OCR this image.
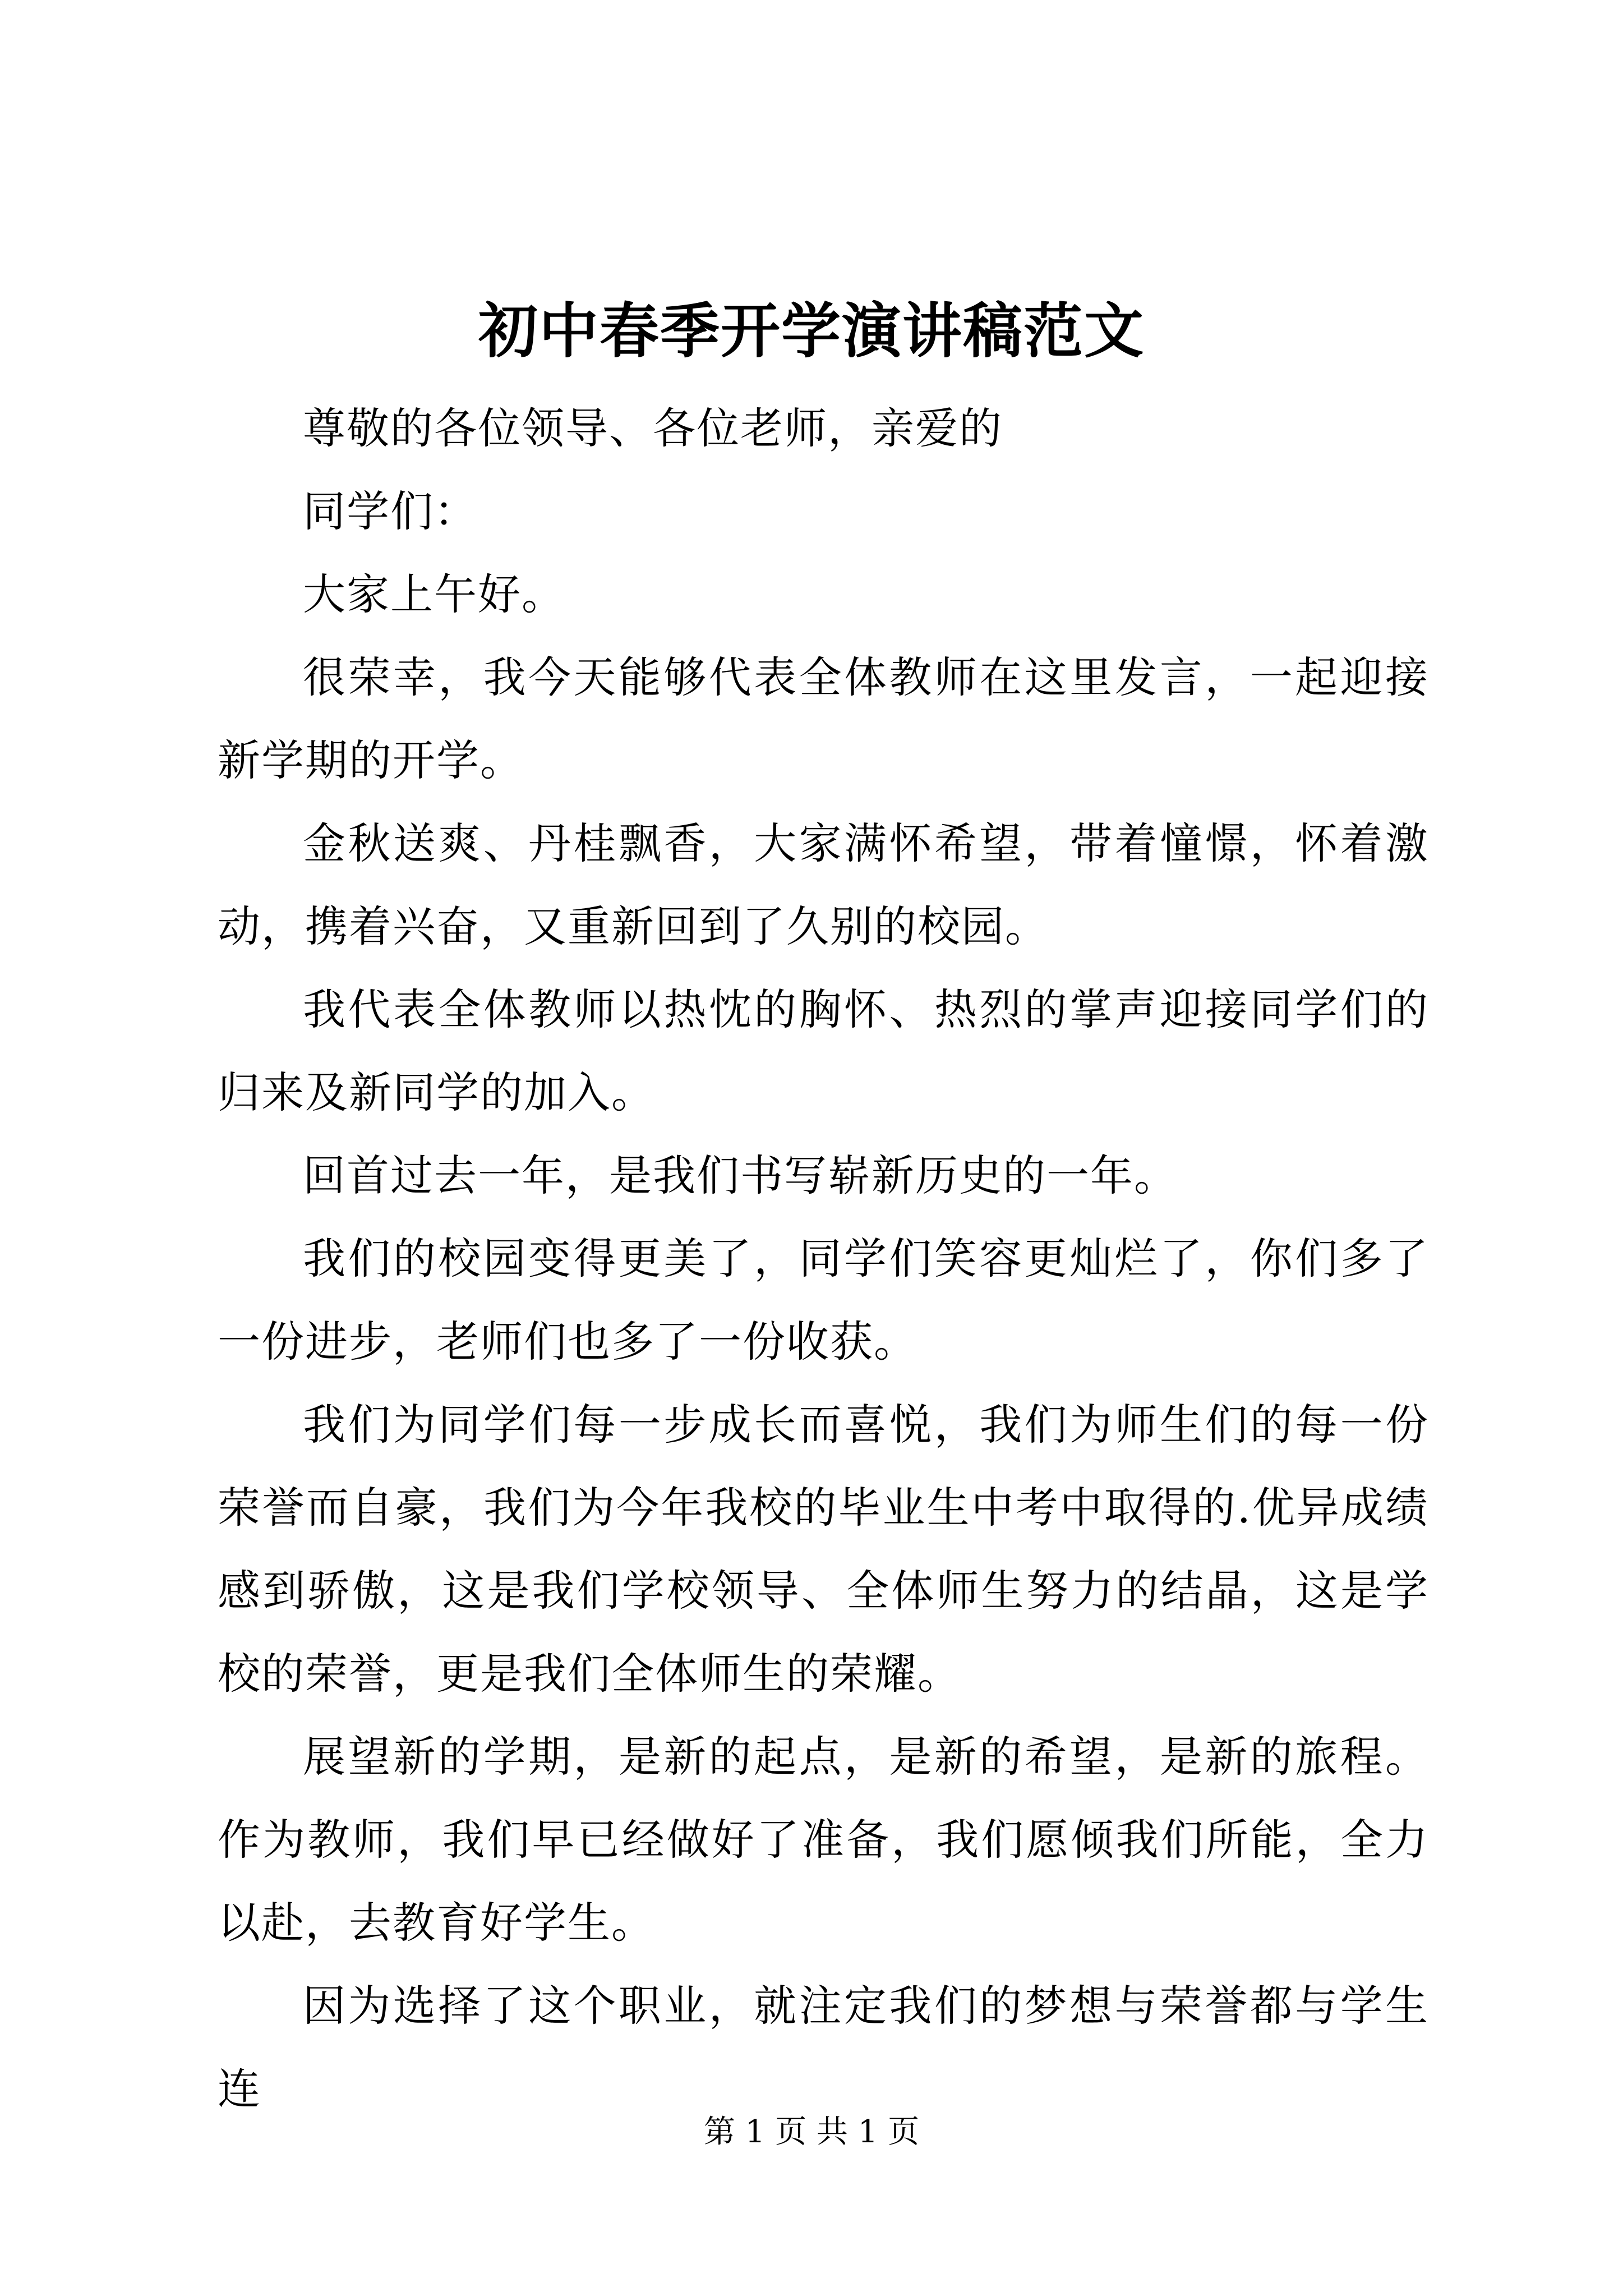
初中春季开学演讲稿范文

尊敬的各位领导、各位老师，亲爱的

同学们：

大家上午好。

很荣幸，我今天能够代表全体教师在这里发言，一起迎接新学期的开学。

金秋送爽、丹桂飘香，大家满怀希望，带着憧憬，怀着激动，携着兴奋，又重新回到了久别的校园。

我代表全体教师以热忱的胸怀、热烈的掌声迎接同学们的归来及新同学的加入。

回首过去一年，是我们书写崭新历史的一年。

我们的校园变得更美了，同学们笑容更灿烂了，你们多了一份进步，老师们也多了一份收获。

我们为同学们每一步成长而喜悦，我们为师生们的每一份荣誉而自豪，我们为今年我校的毕业生中考中取得的.优异成绩感到骄傲，这是我们学校领导、全体师生努力的结晶，这是学校的荣誉，更是我们全体师生的荣耀。

展望新的学期，是新的起点，是新的希望，是新的旅程。作为教师，我们早已经做好了准备，我们愿倾我们所能，全力以赴，去教育好学生。

因为选择了这个职业，就注定我们的梦想与荣誉都与学生连

第 1 页 共 1 页
